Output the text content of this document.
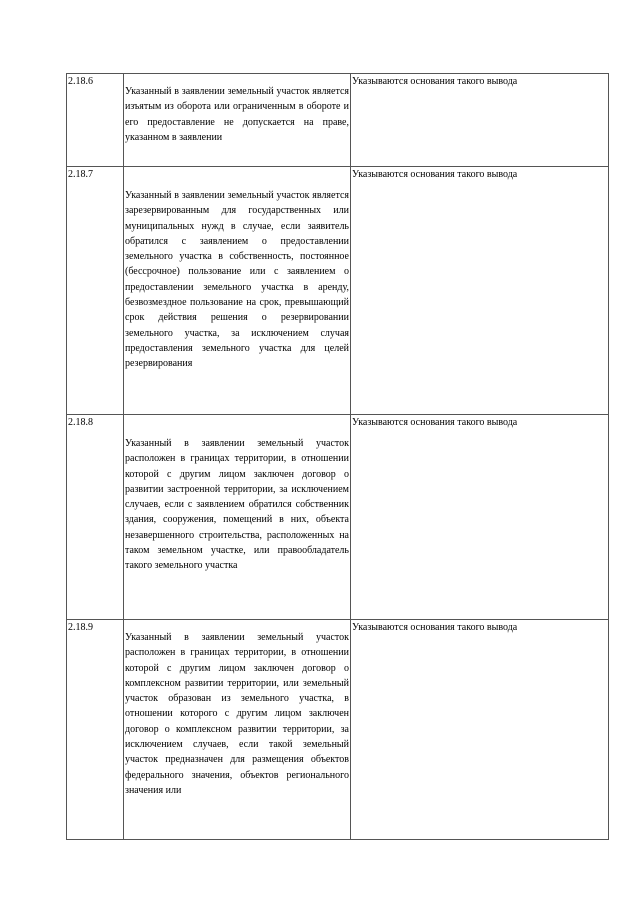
2.18.6	Указанный в заявлении земельный участок является изъятым из оборота или ограниченным в обороте и его предоставление не допускается на праве, указанном в заявлении	Указываются основания такого вывода
2.18.7	Указанный в заявлении земельный участок является зарезервированным для государственных или муниципальных нужд в случае, если заявитель обратился с заявлением о предоставлении земельного участка в собственность, постоянное (бессрочное) пользование или с заявлением о предоставлении земельного участка в аренду, безвозмездное пользование на срок, превышающий срок действия решения о резервировании земельного участка, за исключением случая предоставления земельного участка для целей резервирования	Указываются основания такого вывода
2.18.8	Указанный в заявлении земельный участок расположен в границах территории, в отношении которой с другим лицом заключен договор о развитии застроенной территории, за исключением случаев, если с заявлением обратился собственник здания, сооружения, помещений в них, объекта незавершенного строительства, расположенных на таком земельном участке, или правообладатель такого земельного участка	Указываются основания такого вывода
2.18.9	Указанный в заявлении земельный участок расположен в границах территории, в отношении которой с другим лицом заключен договор о комплексном развитии территории, или земельный участок образован из земельного участка, в отношении которого с другим лицом заключен договор о комплексном развитии территории, за исключением случаев, если такой земельный участок предназначен для размещения объектов федерального значения, объектов регионального значения или	Указываются основания такого вывода
